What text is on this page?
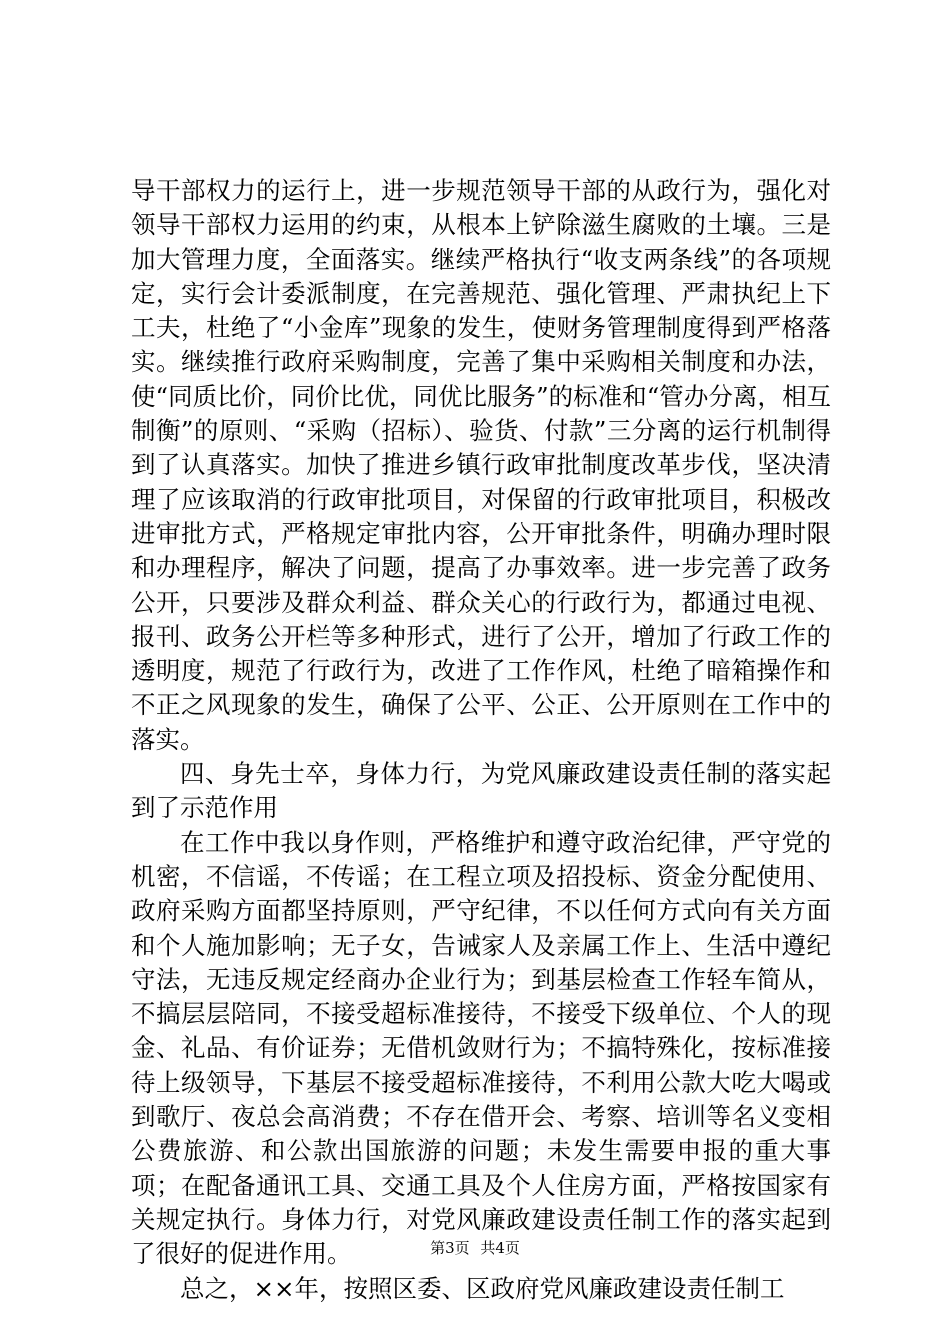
导干部权力的运行上，进一步规范领导干部的从政行为，强化对领导干部权力运用的约束，从根本上铲除滋生腐败的土壤。三是加大管理力度，全面落实。继续严格执行“收支两条线”的各项规定，实行会计委派制度，在完善规范、强化管理、严肃执纪上下工夫，杜绝了“小金库”现象的发生，使财务管理制度得到严格落实。继续推行政府采购制度，完善了集中采购相关制度和办法，使“同质比价，同价比优，同优比服务”的标准和“管办分离，相互制衡”的原则、“采购（招标）、验货、付款”三分离的运行机制得到了认真落实。加快了推进乡镇行政审批制度改革步伐，坚决清理了应该取消的行政审批项目，对保留的行政审批项目，积极改进审批方式，严格规定审批内容，公开审批条件，明确办理时限和办理程序，解决了问题，提高了办事效率。进一步完善了政务公开，只要涉及群众利益、群众关心的行政行为，都通过电视、报刊、政务公开栏等多种形式，进行了公开，增加了行政工作的透明度，规范了行政行为，改进了工作作风，杜绝了暗箱操作和不正之风现象的发生，确保了公平、公正、公开原则在工作中的落实。

四、身先士卒，身体力行，为党风廉政建设责任制的落实起到了示范作用

在工作中我以身作则，严格维护和遵守政治纪律，严守党的机密，不信谣，不传谣；在工程立项及招投标、资金分配使用、政府采购方面都坚持原则，严守纪律，不以任何方式向有关方面和个人施加影响；无子女，告诫家人及亲属工作上、生活中遵纪守法，无违反规定经商办企业行为；到基层检查工作轻车简从，不搞层层陪同，不接受超标准接待，不接受下级单位、个人的现金、礼品、有价证券；无借机敛财行为；不搞特殊化，按标准接待上级领导，下基层不接受超标准接待，不利用公款大吃大喝或到歌厅、夜总会高消费；不存在借开会、考察、培训等名义变相公费旅游、和公款出国旅游的问题；未发生需要申报的重大事项；在配备通讯工具、交通工具及个人住房方面，严格按国家有关规定执行。身体力行，对党风廉政建设责任制工作的落实起到了很好的促进作用。

总之，××年，按照区委、区政府党风廉政建设责任制工

第3页 共4页
